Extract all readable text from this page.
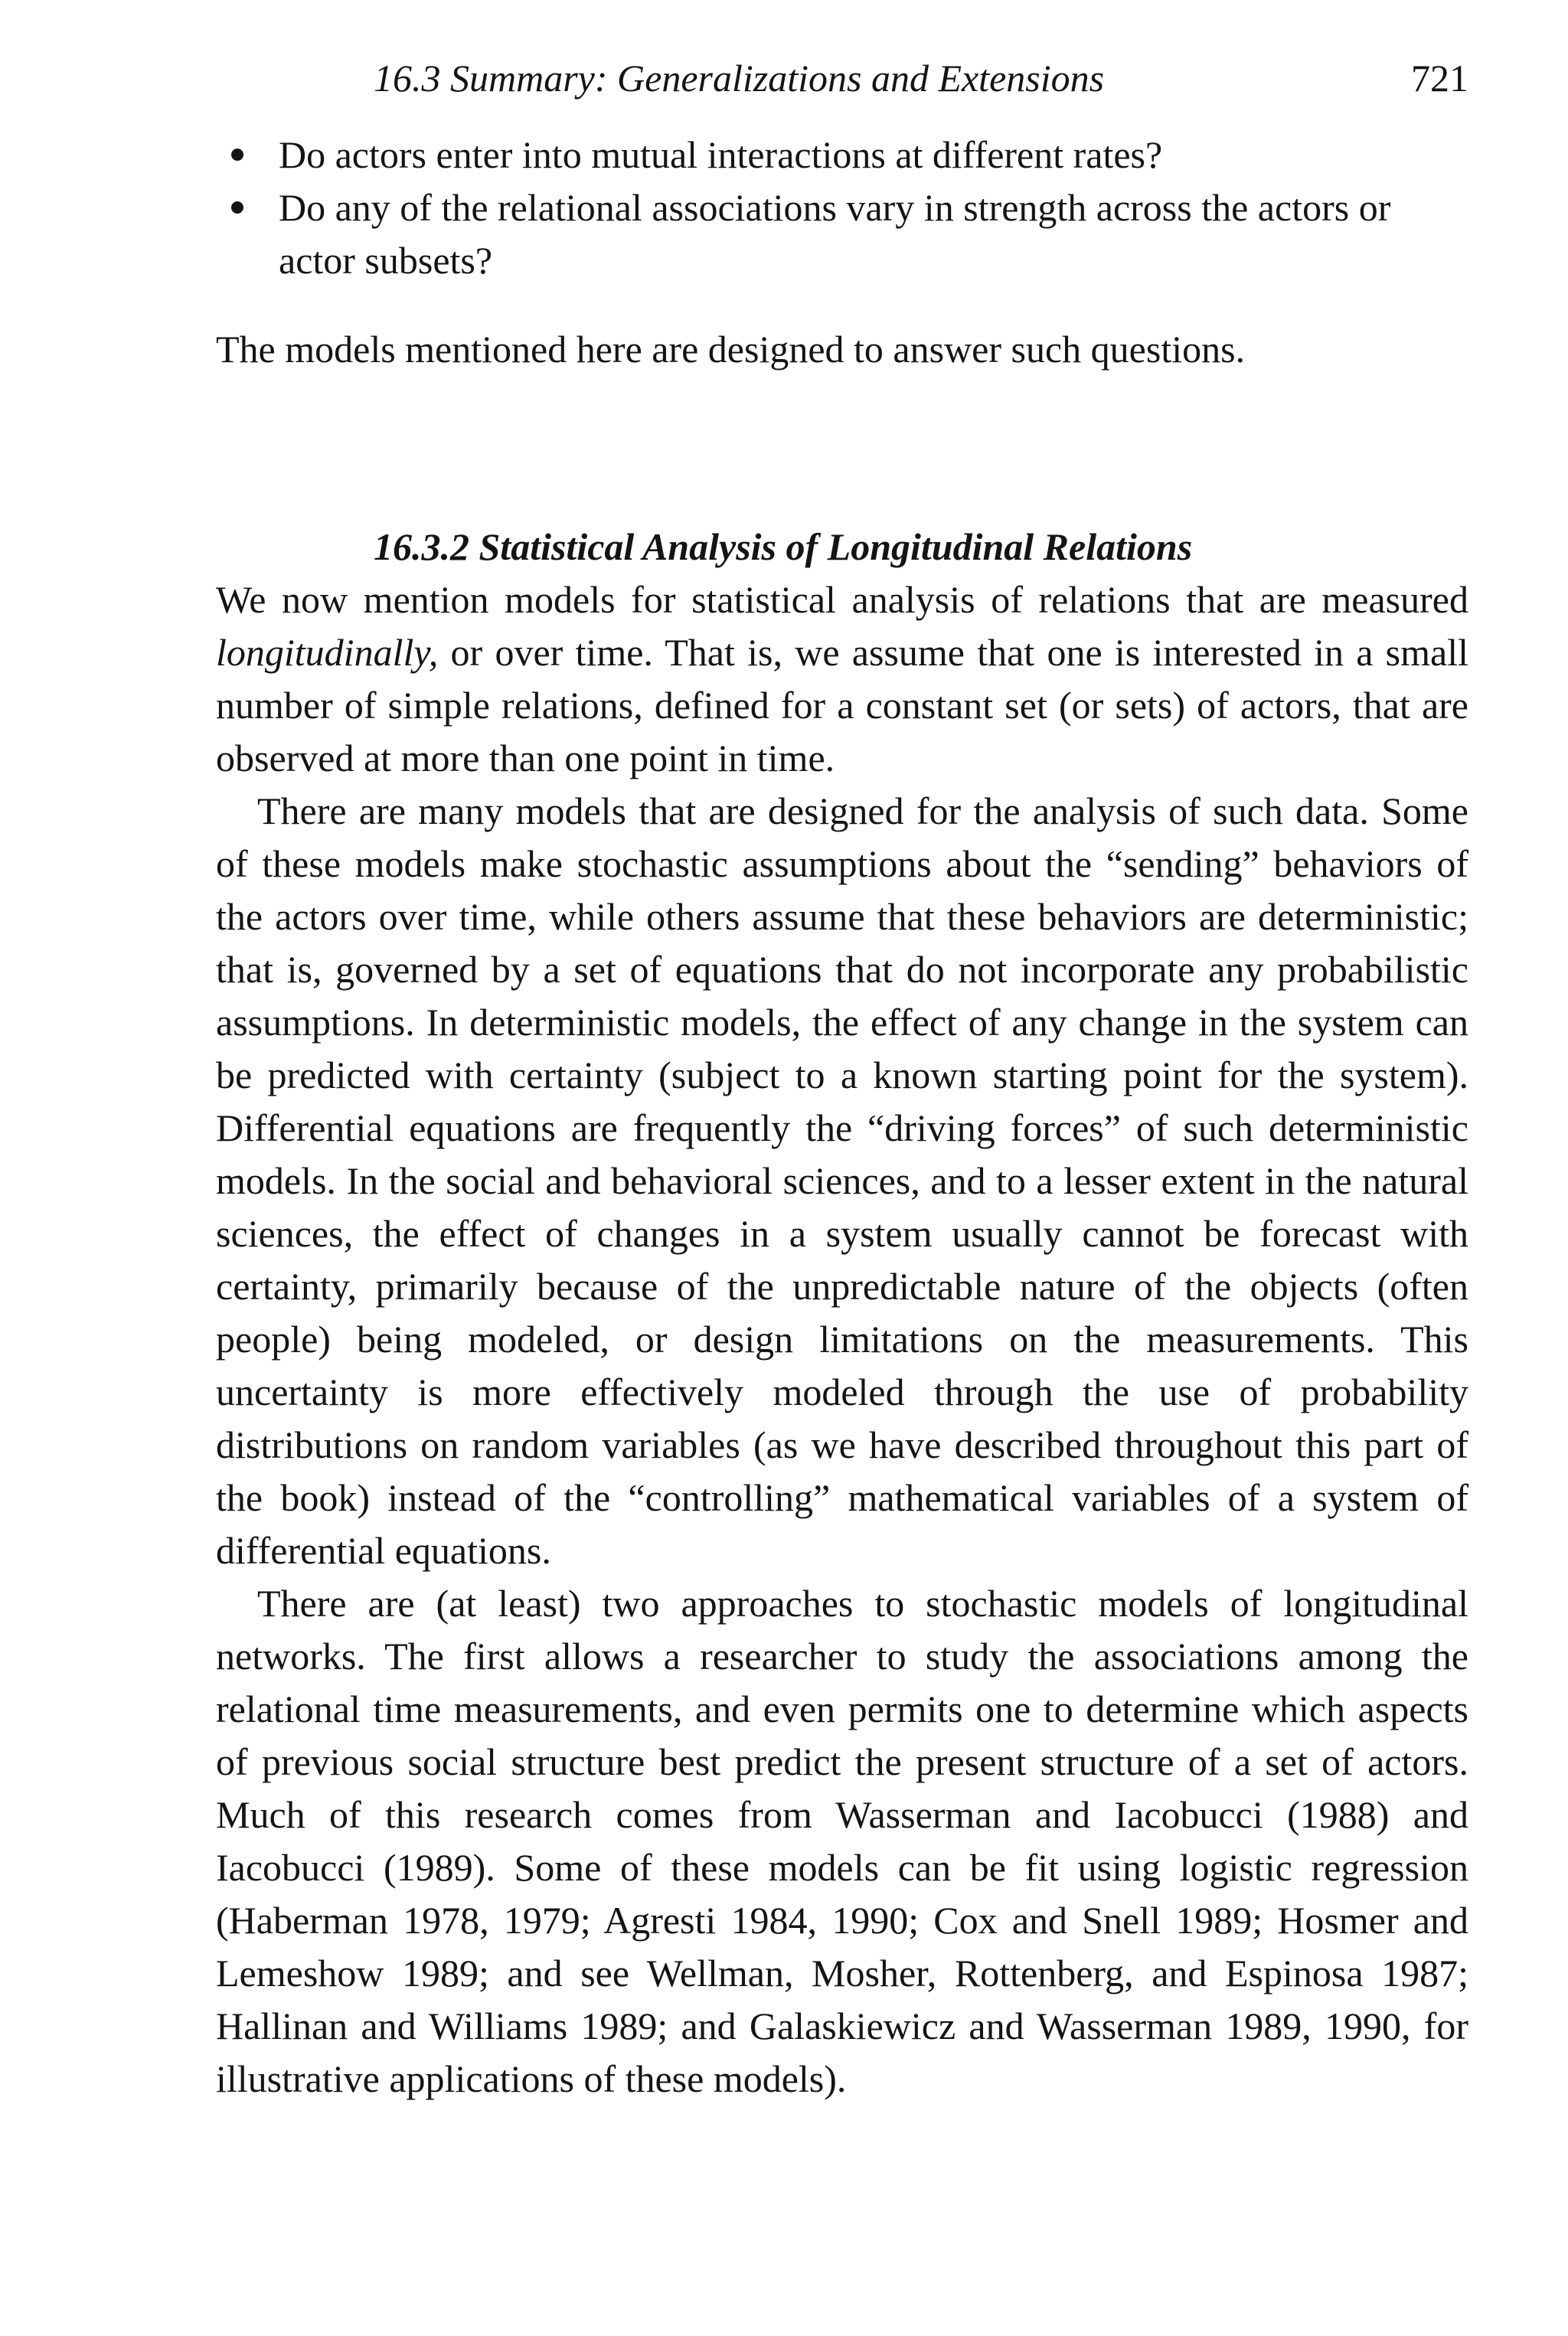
16.3 Summary: Generalizations and Extensions	721
Do actors enter into mutual interactions at different rates?
Do any of the relational associations vary in strength across the actors or actor subsets?

The models mentioned here are designed to answer such questions.

16.3.2 Statistical Analysis of Longitudinal Relations

We now mention models for statistical analysis of relations that are measured longitudinally, or over time. That is, we assume that one is interested in a small number of simple relations, defined for a constant set (or sets) of actors, that are observed at more than one point in time.

There are many models that are designed for the analysis of such data. Some of these models make stochastic assumptions about the “sending” behaviors of the actors over time, while others assume that these behaviors are deterministic; that is, governed by a set of equations that do not incorporate any probabilistic assumptions. In deterministic models, the effect of any change in the system can be predicted with certainty (subject to a known starting point for the system). Differential equations are frequently the “driving forces” of such deterministic models. In the social and behavioral sciences, and to a lesser extent in the natural sciences, the effect of changes in a system usually cannot be forecast with certainty, primarily because of the unpredictable nature of the objects (often people) being modeled, or design limitations on the measurements. This uncertainty is more effectively modeled through the use of probability distributions on random variables (as we have described throughout this part of the book) instead of the “controlling” mathematical variables of a system of differential equations.

There are (at least) two approaches to stochastic models of longitudinal networks. The first allows a researcher to study the associations among the relational time measurements, and even permits one to determine which aspects of previous social structure best predict the present structure of a set of actors. Much of this research comes from Wasserman and Iacobucci (1988) and Iacobucci (1989). Some of these models can be fit using logistic regression (Haberman 1978, 1979; Agresti 1984, 1990; Cox and Snell 1989; Hosmer and Lemeshow 1989; and see Wellman, Mosher, Rottenberg, and Espinosa 1987; Hallinan and Williams 1989; and Galaskiewicz and Wasserman 1989, 1990, for illustrative applications of these models).
